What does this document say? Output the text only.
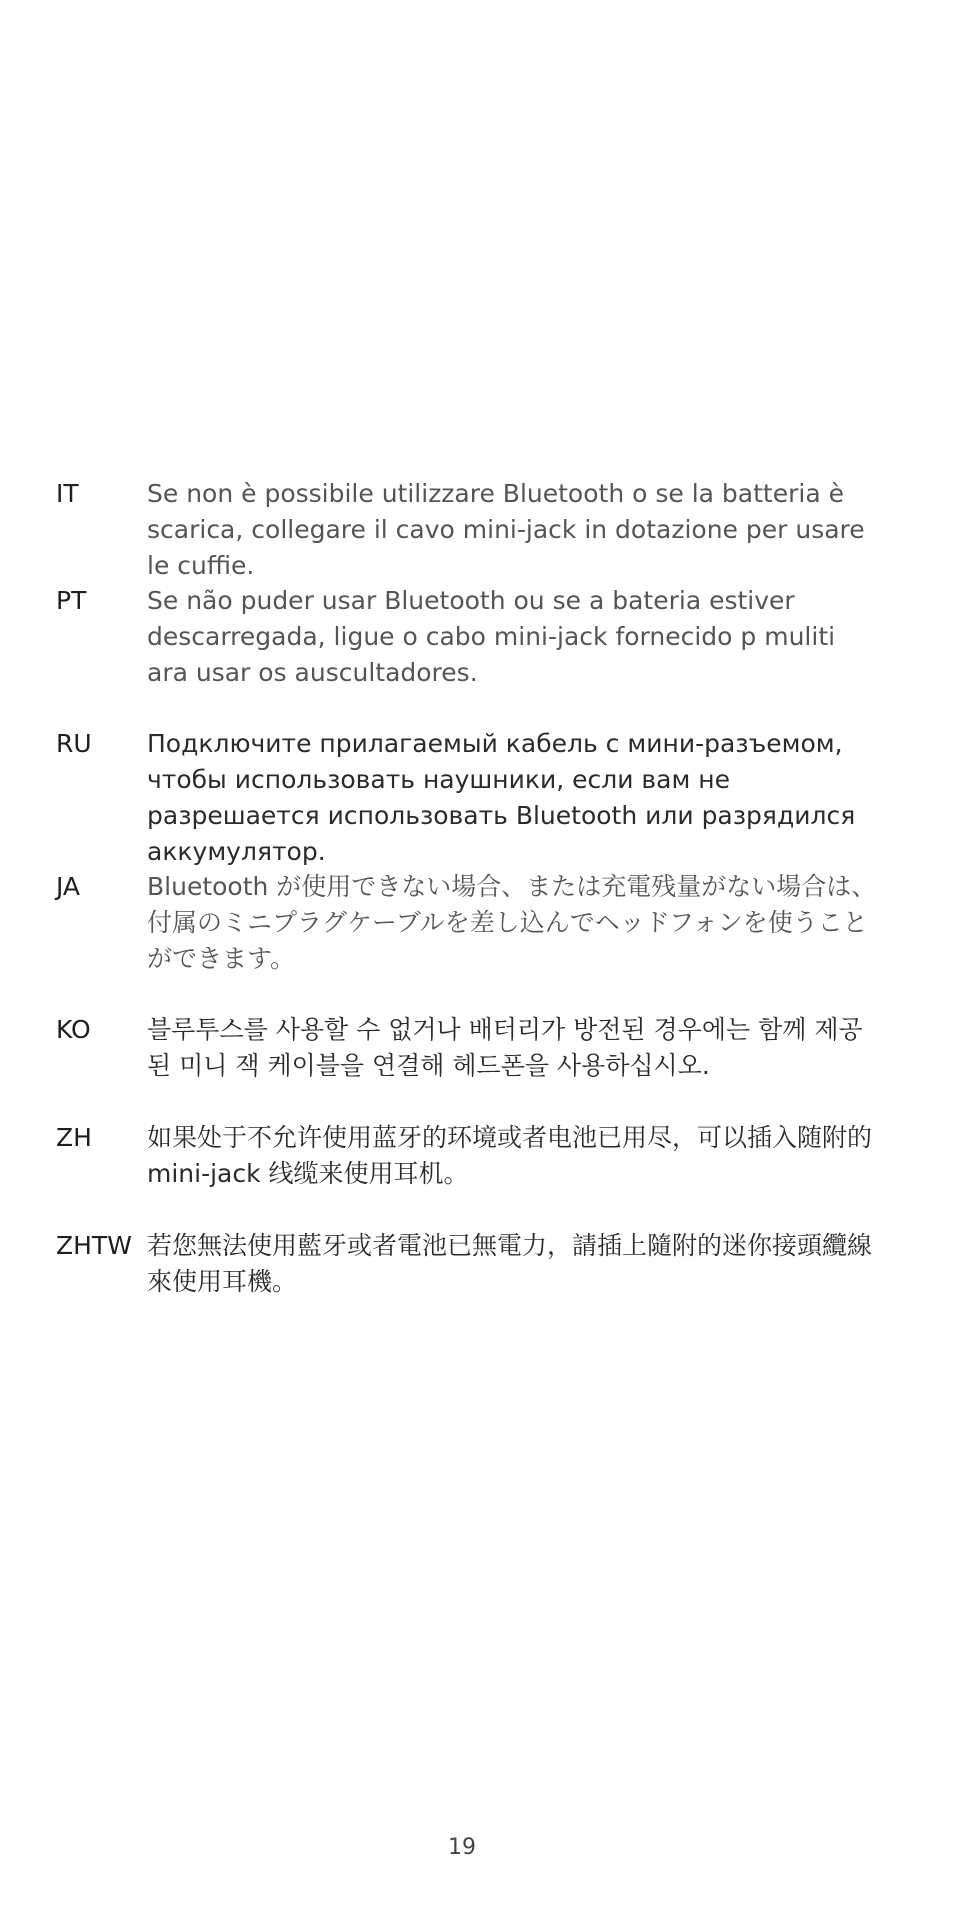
IT	Se non è possibile utilizzare Bluetooth o se la batteria è scarica, collegare il cavo mini-jack in dotazione per usare le cuffie.
PT Se não puder usar Bluetooth ou se a bateria estiver descarregada, ligue o cabo mini-jack fornecido p muliti ara usar os auscultadores.
RU Подключите прилагаемый кабель с мини-разъемом, чтобы использовать наушники, если вам не разрешается использовать Bluetooth или разрядился аккумулятор.
JA	Bluetooth が使用できない場合、または充電残量がない場合は、付属のミニプラグケーブルを差し込んでヘッドフォンを使うことができます。
KO 블루투스를 사용할 수 없거나 배터리가 방전된 경우에는 함께 제공된 미니 잭 케이블을 연결해 헤드폰을 사용하십시오.
ZH 如果处于不允许使用蓝牙的环境或者电池已用尽，可以插入随附的 mini-jack 线缆来使用耳机。
ZHTW 若您無法使用藍牙或者電池已無電力，請插上隨附的迷你接頭纜線來使用耳機。
19
